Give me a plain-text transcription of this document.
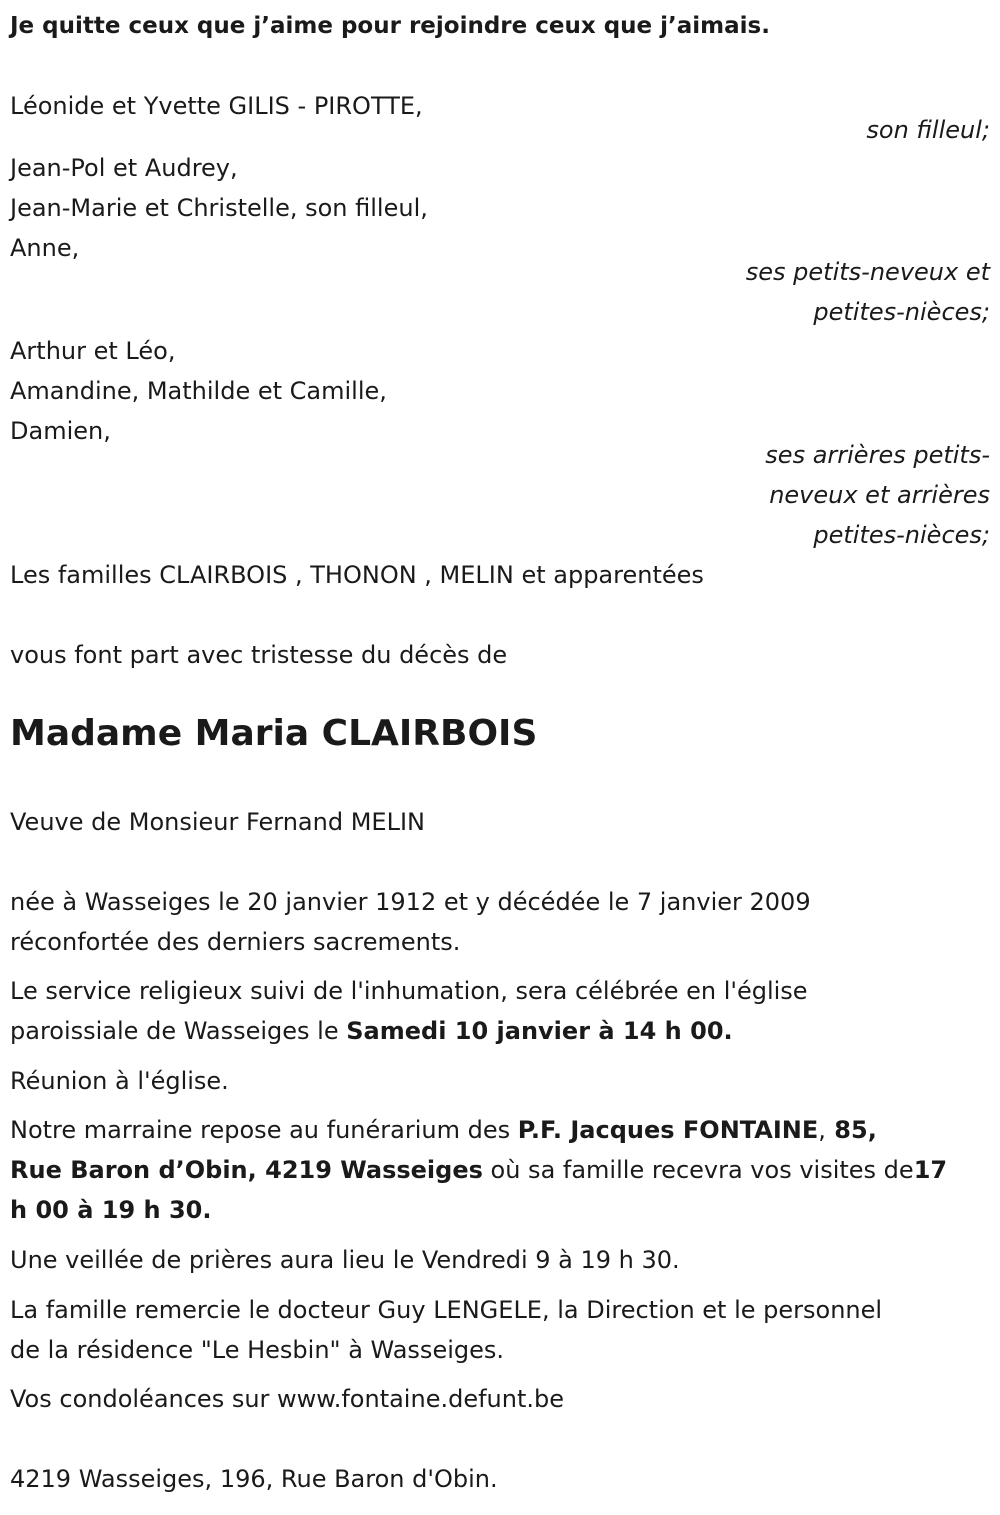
Je quitte ceux que j’aime pour rejoindre ceux que j’aimais.
Léonide et Yvette GILIS - PIROTTE,
son filleul;
Jean-Pol et Audrey,
Jean-Marie et Christelle, son filleul,
Anne,
ses petits-neveux et
petites-nièces;
Arthur et Léo,
Amandine, Mathilde et Camille,
Damien,
ses arrières petits-
neveux et arrières
petites-nièces;
Les familles CLAIRBOIS , THONON , MELIN et apparentées
vous font part avec tristesse du décès de
Madame Maria CLAIRBOIS
Veuve de Monsieur Fernand MELIN
née à Wasseiges le 20 janvier 1912 et y décédée le 7 janvier 2009
réconfortée des derniers sacrements.
Le service religieux suivi de l'inhumation, sera célébrée en l'église
paroissiale de Wasseiges le Samedi 10 janvier à 14 h 00.
Réunion à l'église.
Notre marraine repose au funérarium des P.F. Jacques FONTAINE, 85,
Rue Baron d’Obin, 4219 Wasseiges où sa famille recevra vos visites de17
h 00 à 19 h 30.
Une veillée de prières aura lieu le Vendredi 9 à 19 h 30.
La famille remercie le docteur Guy LENGELE, la Direction et le personnel
de la résidence "Le Hesbin" à Wasseiges.
Vos condoléances sur www.fontaine.defunt.be
4219 Wasseiges, 196, Rue Baron d'Obin.
